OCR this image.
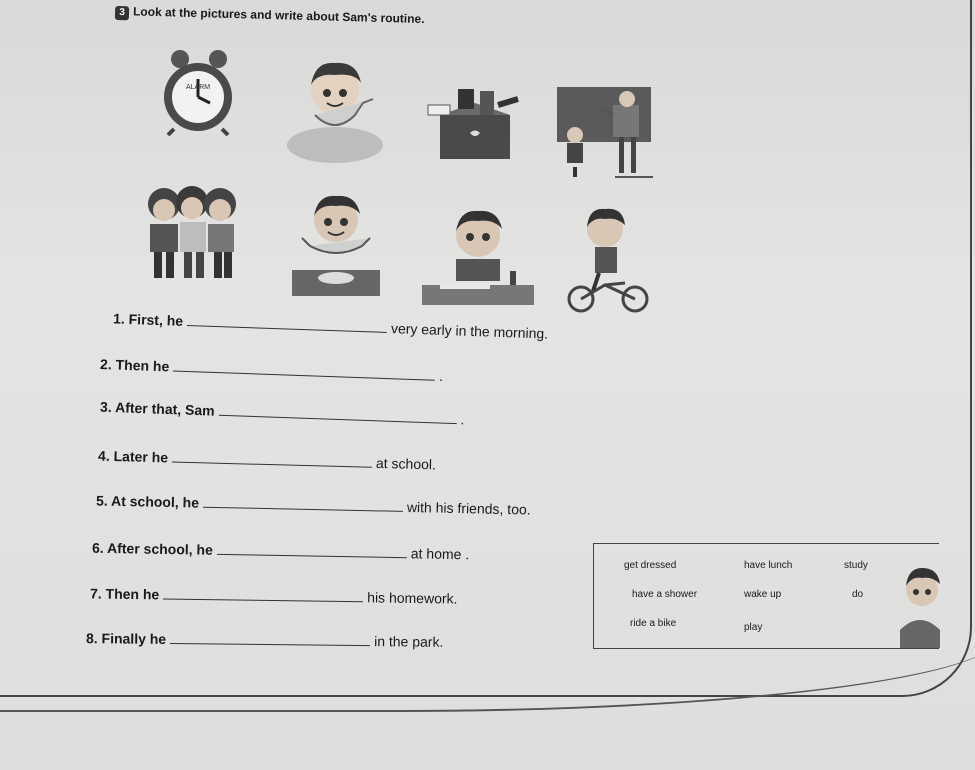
3 Look at the pictures and write about Sam's routine.
ALARM
1. First, hevery early in the morning.
2. Then he.
3. After that, Sam.
4. Later he	at school.
5. At school, he	with his friends, too.
6. After school, he	at home .
7. Then he	his homework.
8. Finally he	in the park.
get dressed	have lunch	study
have a shower	wake up	do
ride a bike	play
